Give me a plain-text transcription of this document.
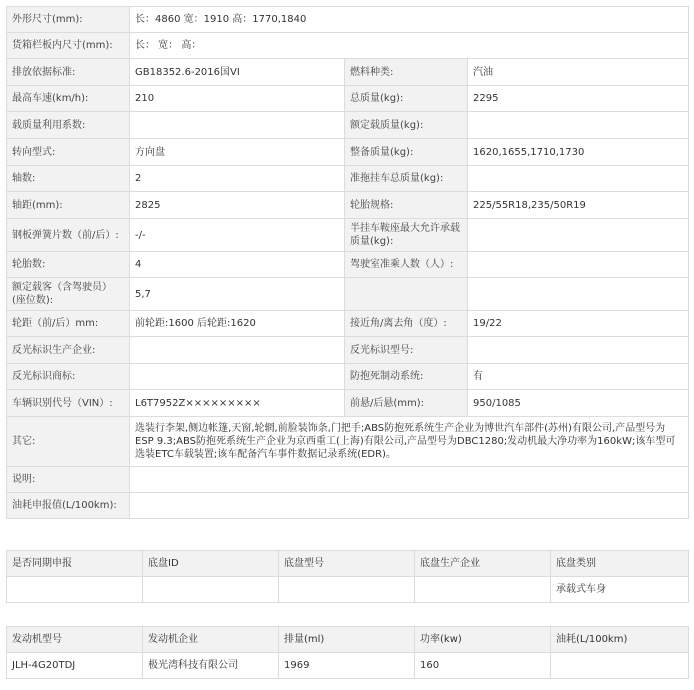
外形尺寸(mm):	长：4860 宽：1910 高：1770,1840		
货箱栏板内尺寸(mm):	长： 宽： 高：		
排放依据标准:	GB18352.6-2016国VI	燃料种类:	汽油
最高车速(km/h):	210	总质量(kg):	2295
载质量利用系数:		额定载质量(kg):	
转向型式:	方向盘	整备质量(kg):	1620,1655,1710,1730
轴数:	2	准拖挂车总质量(kg):	
轴距(mm):	2825	轮胎规格:	225/55R18,235/50R19
钢板弹簧片数（前/后）:	-/-	半挂车鞍座最大允许承载质量(kg):	
轮胎数:	4	驾驶室准乘人数（人）:	
额定载客（含驾驶员）(座位数):	5,7		
轮距（前/后）mm:	前轮距:1600 后轮距:1620	接近角/离去角（度）:	19/22
反光标识生产企业:		反光标识型号:	
反光标识商标:		防抱死制动系统:	有
车辆识别代号（VIN）:	L6T7952Z×××××××××	前悬/后悬(mm):	950/1085
其它:	选装行李架,侧边帐篷,天窗,轮辋,前脸装饰条,门把手;ABS防抱死系统生产企业为博世汽车部件(苏州)有限公司,产品型号为ESP 9.3;ABS防抱死系统生产企业为京西重工(上海)有限公司,产品型号为DBC1280;发动机最大净功率为160kW;该车型可选装ETC车载装置;该车配备汽车事件数据记录系统(EDR)。		
说明:			
油耗申报值(L/100km):			
是否同期申报	底盘ID	底盘型号	底盘生产企业	底盘类别
				承载式车身
发动机型号	发动机企业	排量(ml)	功率(kw)	油耗(L/100km)
JLH-4G20TDJ	极光湾科技有限公司	1969	160	
